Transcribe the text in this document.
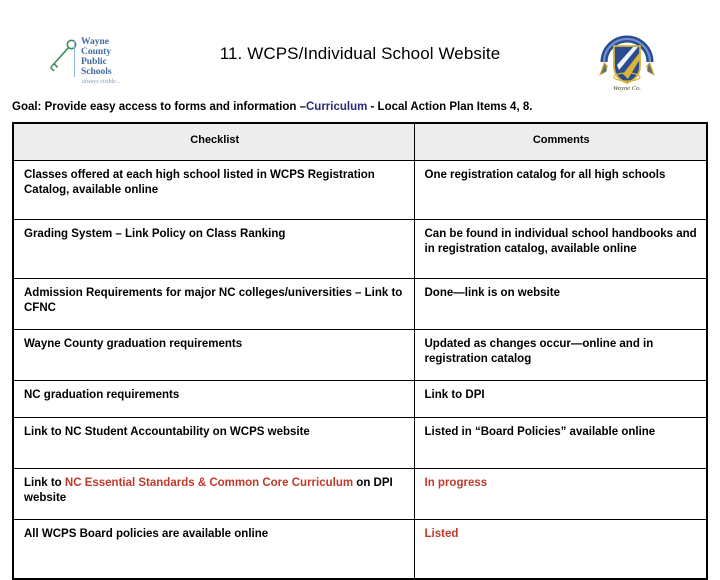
Wayne
County
Public
Schools
always visible...
11. WCPS/Individual School Website
Wayne Co.
Goal: Provide easy access to forms and information –Curriculum - Local Action Plan Items 4, 8.
Checklist	Comments
Classes offered at each high school listed in WCPS Registration Catalog, available online	One registration catalog for all high schools
Grading System – Link Policy on Class Ranking	Can be found in individual school handbooks and in registration catalog, available online
Admission Requirements for major NC colleges/universities – Link to CFNC	Done—link is on website
Wayne County graduation requirements	Updated as changes occur—online and in registration catalog
NC graduation requirements	Link to DPI
Link to NC Student Accountability on WCPS website	Listed in “Board Policies” available online
Link to NC Essential Standards & Common Core Curriculum on DPI website	In progress
All WCPS Board policies are available online	Listed
